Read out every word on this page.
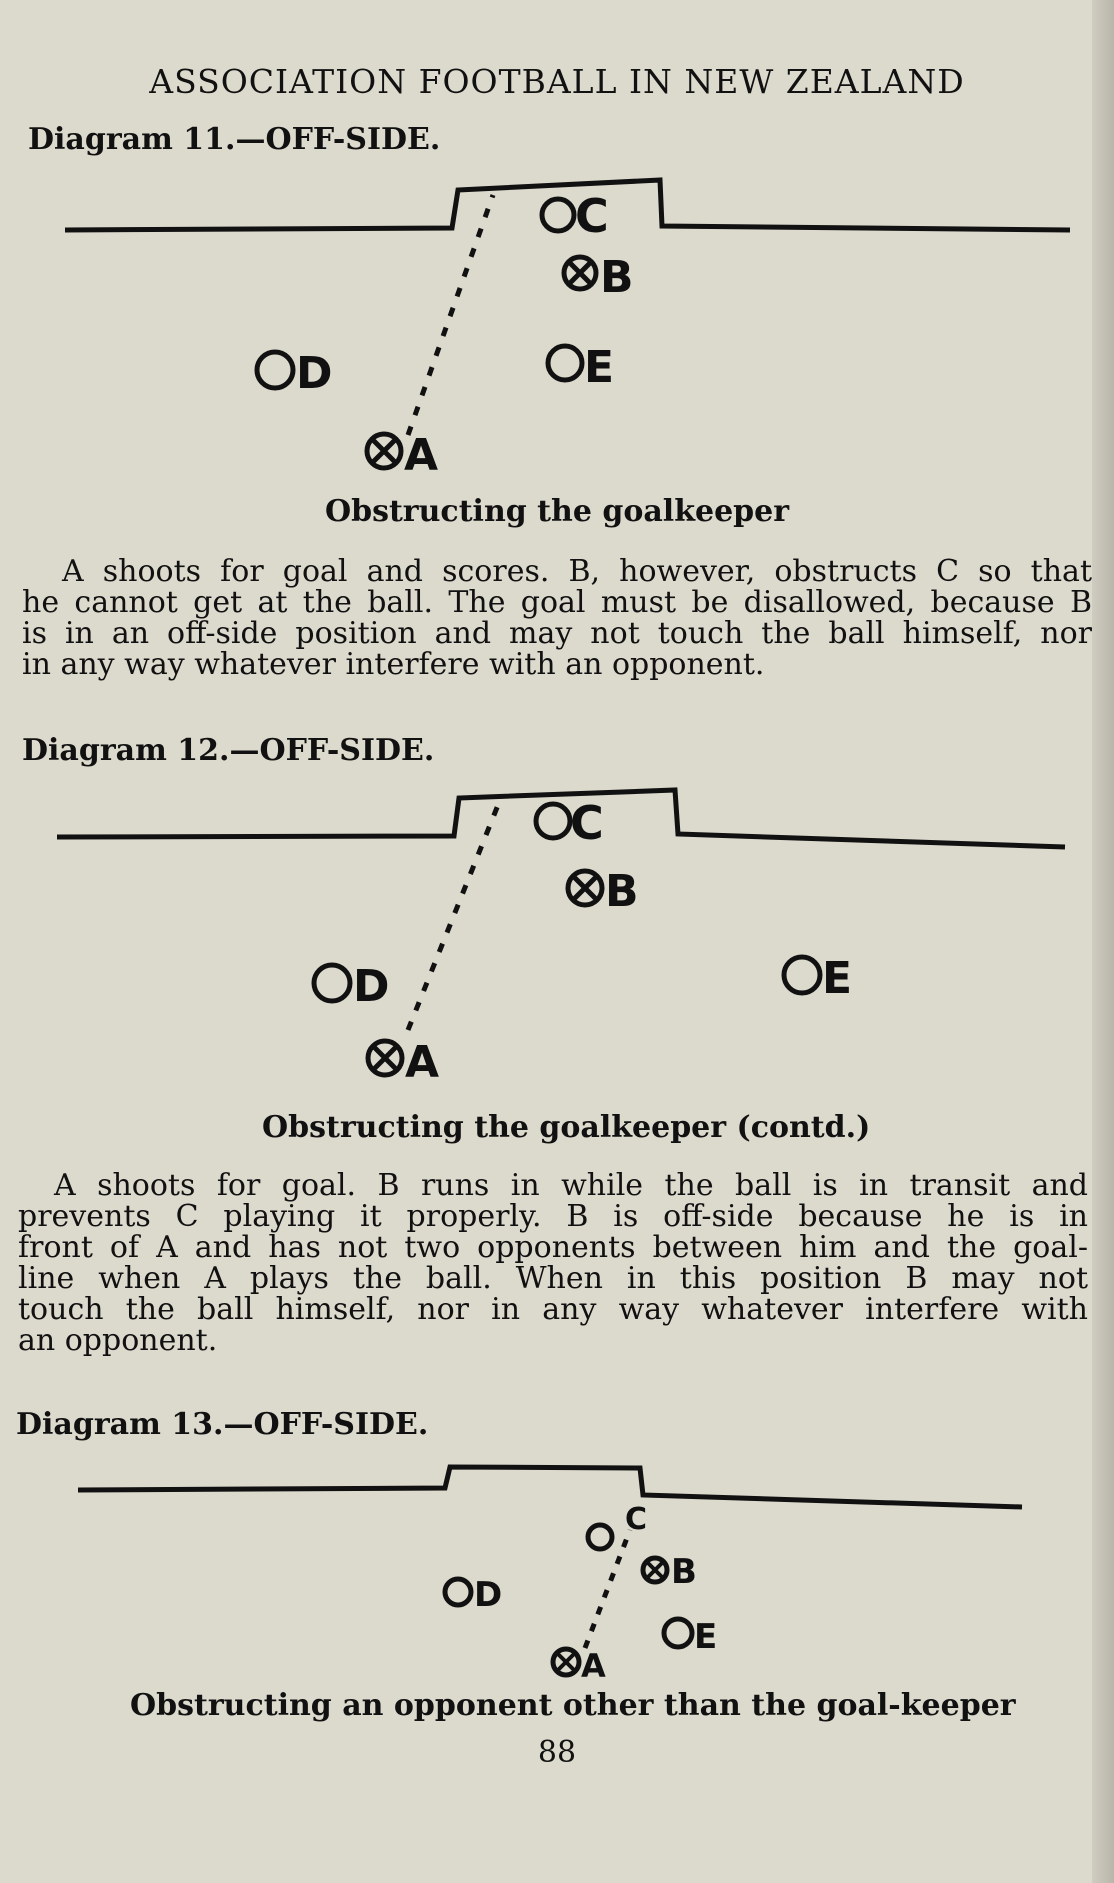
ASSOCIATION FOOTBALL IN NEW ZEALAND
Diagram 11.—OFF-SIDE.
C
B
D	E
A
Obstructing the goalkeeper
A shoots for goal and scores. B, however, obstructs C so that
he cannot get at the ball. The goal must be disallowed, because B
is in an off-side position and may not touch the ball himself, nor
in any way whatever interfere with an opponent.
Diagram 12.—OFF-SIDE.
C
B
D	E
A
Obstructing the goalkeeper (contd.)
A shoots for goal. B runs in while the ball is in transit and
prevents C playing it properly. B is off-side because he is in
front of A and has not two opponents between him and the goal-
line when A plays the ball. When in this position B may not
touch the ball himself, nor in any way whatever interfere with
an opponent.
Diagram 13.—OFF-SIDE.
C
B
D
E
A
Obstructing an opponent other than the goal-keeper
88
